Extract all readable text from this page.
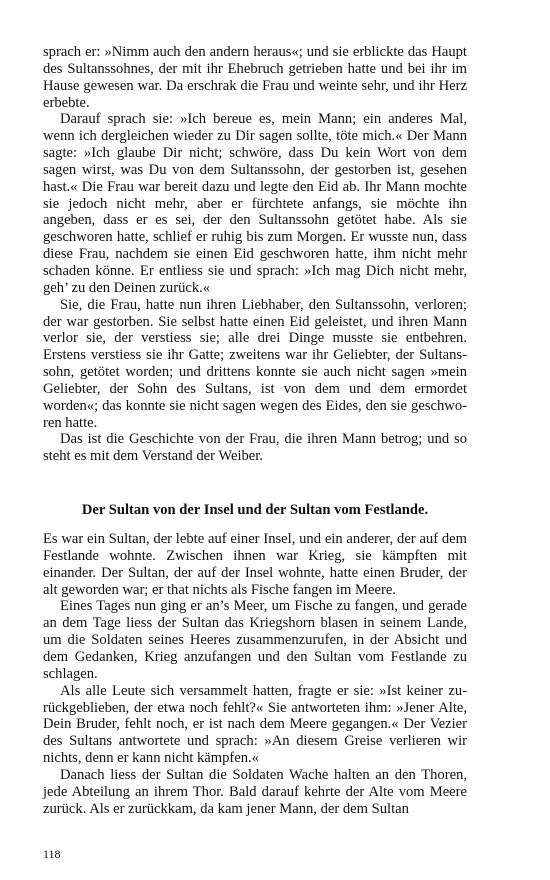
sprach er: »Nimm auch den andern heraus«; und sie erblickte das Haupt des Sultanssohnes, der mit ihr Ehebruch getrieben hatte und bei ihr im Hause gewesen war. Da erschrak die Frau und weinte sehr, und ihr Herz erbebte.

Darauf sprach sie: »Ich bereue es, mein Mann; ein anderes Mal, wenn ich dergleichen wieder zu Dir sagen sollte, töte mich.« Der Mann sagte: »Ich glaube Dir nicht; schwöre, dass Du kein Wort von dem sagen wirst, was Du von dem Sultanssohn, der gestorben ist, gesehen hast.« Die Frau war bereit dazu und legte den Eid ab. Ihr Mann mochte sie jedoch nicht mehr, aber er fürchtete anfangs, sie möchte ihn angeben, dass er es sei, der den Sultanssohn getötet habe. Als sie geschworen hatte, schlief er ruhig bis zum Morgen. Er wusste nun, dass diese Frau, nachdem sie einen Eid geschworen hatte, ihm nicht mehr schaden könne. Er entliess sie und sprach: »Ich mag Dich nicht mehr, geh’ zu den Deinen zurück.«

Sie, die Frau, hatte nun ihren Liebhaber, den Sultanssohn, verloren; der war gestorben. Sie selbst hatte einen Eid geleistet, und ihren Mann verlor sie, der verstiess sie; alle drei Dinge musste sie entbehren. Erstens verstiess sie ihr Gatte; zweitens war ihr Geliebter, der Sultanssohn, getötet worden; und drittens konnte sie auch nicht sagen »mein Geliebter, der Sohn des Sultans, ist von dem und dem ermordet worden«; das konnte sie nicht sagen wegen des Eides, den sie geschworen hatte.

Das ist die Geschichte von der Frau, die ihren Mann betrog; und so steht es mit dem Verstand der Weiber.

Der Sultan von der Insel und der Sultan vom Festlande.

Es war ein Sultan, der lebte auf einer Insel, und ein anderer, der auf dem Festlande wohnte. Zwischen ihnen war Krieg, sie kämpften mit einander. Der Sultan, der auf der Insel wohnte, hatte einen Bruder, der alt geworden war; er that nichts als Fische fangen im Meere.

Eines Tages nun ging er an’s Meer, um Fische zu fangen, und gerade an dem Tage liess der Sultan das Kriegshorn blasen in seinem Lande, um die Soldaten seines Heeres zusammenzurufen, in der Absicht und dem Gedanken, Krieg anzufangen und den Sultan vom Festlande zu schlagen.

Als alle Leute sich versammelt hatten, fragte er sie: »Ist keiner zurückgeblieben, der etwa noch fehlt?« Sie antworteten ihm: »Jener Alte, Dein Bruder, fehlt noch, er ist nach dem Meere gegangen.« Der Vezier des Sultans antwortete und sprach: »An diesem Greise verlieren wir nichts, denn er kann nicht kämpfen.«

Danach liess der Sultan die Soldaten Wache halten an den Thoren, jede Abteilung an ihrem Thor. Bald darauf kehrte der Alte vom Meere zurück. Als er zurückkam, da kam jener Mann, der dem Sultan

118
